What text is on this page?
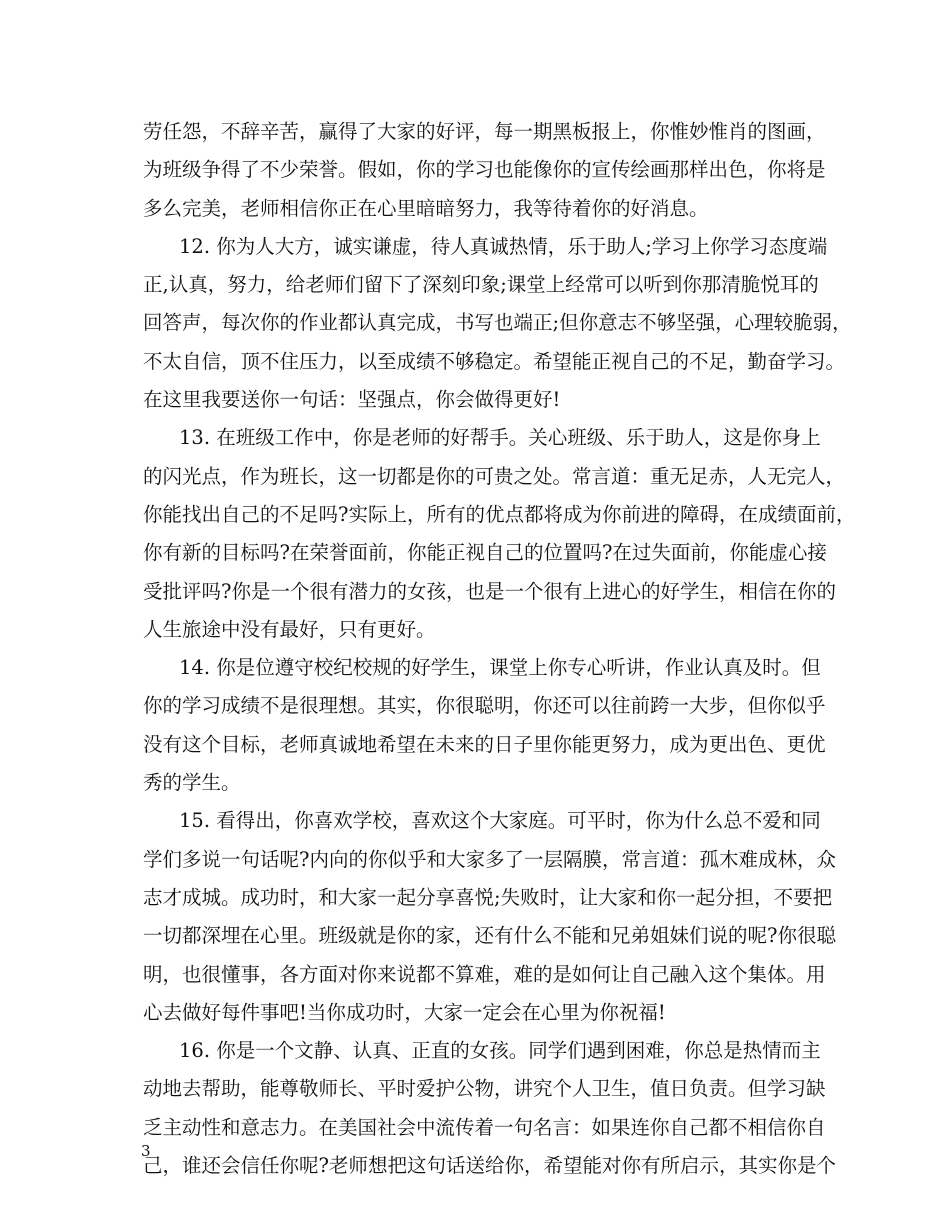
劳任怨，不辞辛苦，赢得了大家的好评，每一期黑板报上，你惟妙惟肖的图画，
为班级争得了不少荣誉。假如，你的学习也能像你的宣传绘画那样出色，你将是
多么完美，老师相信你正在心里暗暗努力，我等待着你的好消息。
12. 你为人大方，诚实谦虚，待人真诚热情，乐于助人;学习上你学习态度端
正,认真，努力，给老师们留下了深刻印象;课堂上经常可以听到你那清脆悦耳的
回答声，每次你的作业都认真完成，书写也端正;但你意志不够坚强，心理较脆弱，
不太自信，顶不住压力，以至成绩不够稳定。希望能正视自己的不足，勤奋学习。
在这里我要送你一句话：坚强点，你会做得更好!
13. 在班级工作中，你是老师的好帮手。关心班级、乐于助人，这是你身上
的闪光点，作为班长，这一切都是你的可贵之处。常言道：重无足赤，人无完人，
你能找出自己的不足吗?实际上，所有的优点都将成为你前进的障碍，在成绩面前，
你有新的目标吗?在荣誉面前，你能正视自己的位置吗?在过失面前，你能虚心接
受批评吗?你是一个很有潜力的女孩，也是一个很有上进心的好学生，相信在你的
人生旅途中没有最好，只有更好。
14. 你是位遵守校纪校规的好学生，课堂上你专心听讲，作业认真及时。但
你的学习成绩不是很理想。其实，你很聪明，你还可以往前跨一大步，但你似乎
没有这个目标，老师真诚地希望在未来的日子里你能更努力，成为更出色、更优
秀的学生。
15. 看得出，你喜欢学校，喜欢这个大家庭。可平时，你为什么总不爱和同
学们多说一句话呢?内向的你似乎和大家多了一层隔膜，常言道：孤木难成林，众
志才成城。成功时，和大家一起分享喜悦;失败时，让大家和你一起分担，不要把
一切都深埋在心里。班级就是你的家，还有什么不能和兄弟姐妹们说的呢?你很聪
明，也很懂事，各方面对你来说都不算难，难的是如何让自己融入这个集体。用
心去做好每件事吧!当你成功时，大家一定会在心里为你祝福!
16. 你是一个文静、认真、正直的女孩。同学们遇到困难，你总是热情而主
动地去帮助，能尊敬师长、平时爱护公物，讲究个人卫生，值日负责。但学习缺
乏主动性和意志力。在美国社会中流传着一句名言：如果连你自己都不相信你自
己，谁还会信任你呢?老师想把这句话送给你，希望能对你有所启示，其实你是个
3
